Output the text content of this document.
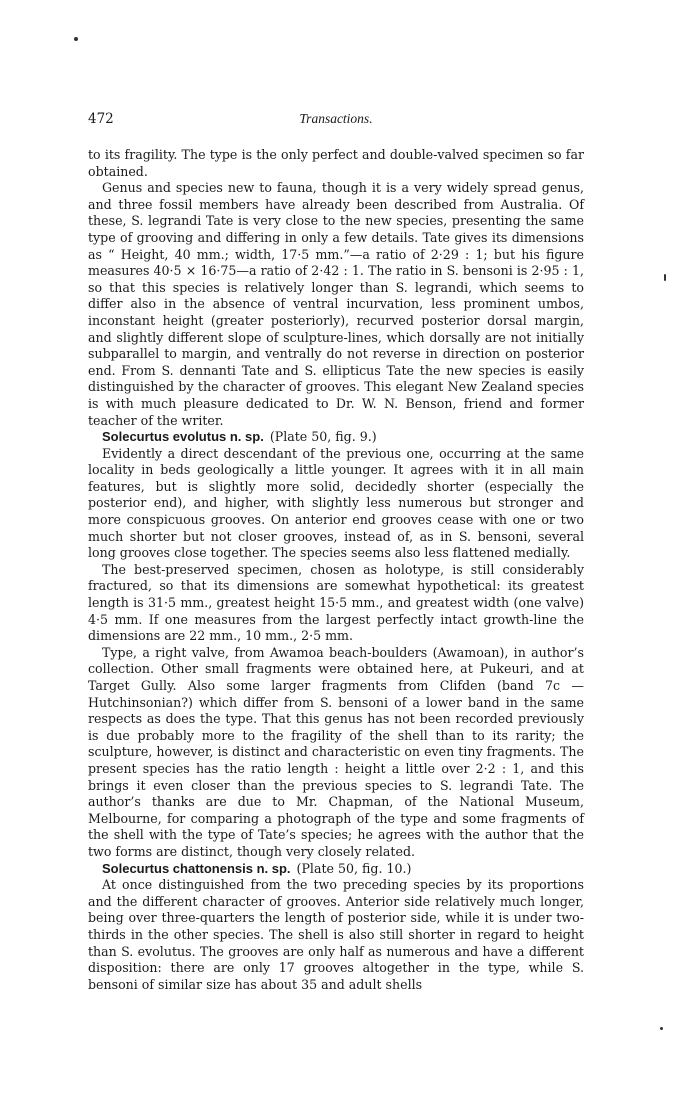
472	Transactions.

to its fragility. The type is the only perfect and double-valved specimen so far obtained.

Genus and species new to fauna, though it is a very widely spread genus, and three fossil members have already been described from Australia. Of these, S. legrandi Tate is very close to the new species, presenting the same type of grooving and differing in only a few details. Tate gives its dimensions as “ Height, 40 mm.; width, 17·5 mm.”—a ratio of 2·29 : 1; but his figure measures 40·5 × 16·75—a ratio of 2·42 : 1. The ratio in S. bensoni is 2·95 : 1, so that this species is relatively longer than S. legrandi, which seems to differ also in the absence of ventral incurvation, less prominent umbos, inconstant height (greater posteriorly), recurved posterior dorsal margin, and slightly different slope of sculpture-lines, which dorsally are not initially subparallel to margin, and ventrally do not reverse in direction on posterior end. From S. dennanti Tate and S. ellipticus Tate the new species is easily distinguished by the character of grooves. This elegant New Zealand species is with much pleasure dedicated to Dr. W. N. Benson, friend and former teacher of the writer.

Solecurtus evolutus n. sp. (Plate 50, fig. 9.)

Evidently a direct descendant of the previous one, occurring at the same locality in beds geologically a little younger. It agrees with it in all main features, but is slightly more solid, decidedly shorter (especially the posterior end), and higher, with slightly less numerous but stronger and more conspicuous grooves. On anterior end grooves cease with one or two much shorter but not closer grooves, instead of, as in S. bensoni, several long grooves close together. The species seems also less flattened medially.

The best-preserved specimen, chosen as holotype, is still considerably fractured, so that its dimensions are somewhat hypothetical: its greatest length is 31·5 mm., greatest height 15·5 mm., and greatest width (one valve) 4·5 mm. If one measures from the largest perfectly intact growth-line the dimensions are 22 mm., 10 mm., 2·5 mm.

Type, a right valve, from Awamoa beach-boulders (Awamoan), in author’s collection. Other small fragments were obtained here, at Pukeuri, and at Target Gully. Also some larger fragments from Clifden (band 7c —Hutchinsonian?) which differ from S. bensoni of a lower band in the same respects as does the type. That this genus has not been recorded previously is due probably more to the fragility of the shell than to its rarity; the sculpture, however, is distinct and characteristic on even tiny fragments. The present species has the ratio length : height a little over 2·2 : 1, and this brings it even closer than the previous species to S. legrandi Tate. The author’s thanks are due to Mr. Chapman, of the National Museum, Melbourne, for comparing a photograph of the type and some fragments of the shell with the type of Tate’s species; he agrees with the author that the two forms are distinct, though very closely related.

Solecurtus chattonensis n. sp. (Plate 50, fig. 10.)

At once distinguished from the two preceding species by its proportions and the different character of grooves. Anterior side relatively much longer, being over three-quarters the length of posterior side, while it is under two-thirds in the other species. The shell is also still shorter in regard to height than S. evolutus. The grooves are only half as numerous and have a different disposition: there are only 17 grooves altogether in the type, while S. bensoni of similar size has about 35 and adult shells
